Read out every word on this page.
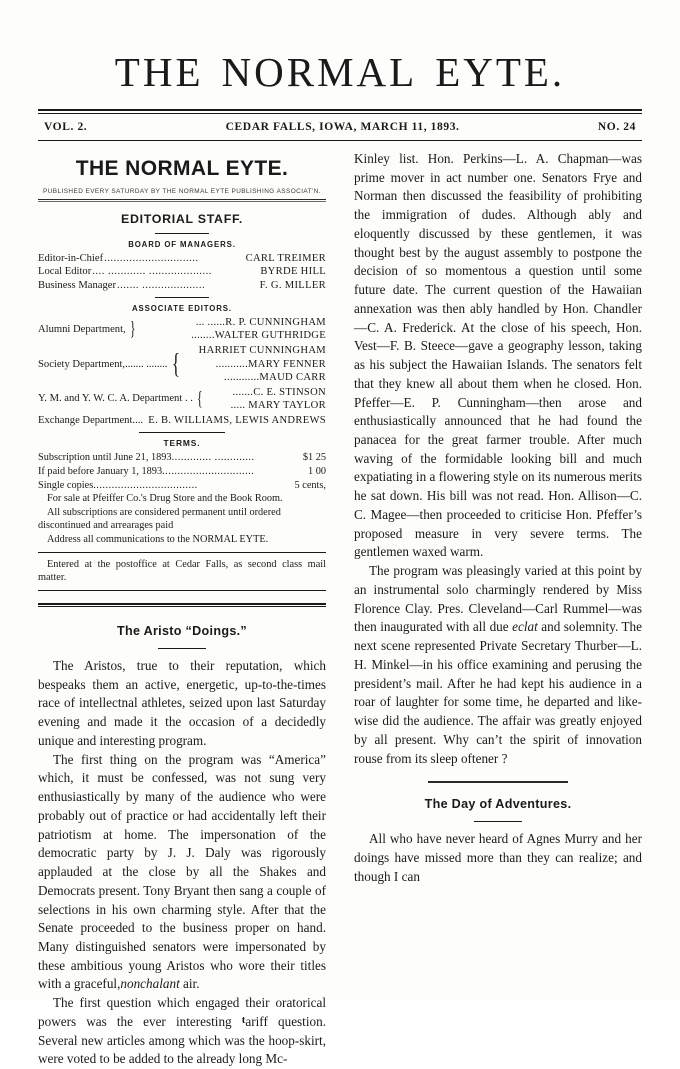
THE NORMAL EYTE.
VOL. 2.	CEDAR FALLS, IOWA, MARCH 11, 1893.	NO. 24
THE NORMAL EYTE.
PUBLISHED EVERY SATURDAY BY THE NORMAL EYTE PUBLISHING ASSOCIAT'N.
EDITORIAL STAFF.
BOARD OF MANAGERS.
Editor-in-Chief ..............................	CARL TREIMER
Local Editor .... ............ ....................	BYRDE HILL
Business Manager ....... ....................	F. G. MILLER
ASSOCIATE EDITORS.
Alumni Department, }	... ......R. P. CUNNINGHAM
........WALTER GUTHRIDGE
Society Department,....... ........ {	HARRIET CUNNINGHAM
...........MARY FENNER
............MAUD CARR
Y. M. and Y. W. C. A. Department . . {	.......C. E. STINSON
..... MARY TAYLOR
Exchange Department.... E. B. WILLIAMS, LEWIS ANDREWS
TERMS.
Subscription until June 21, 1893 ............. .............	$1 25
If paid before January 1, 1893 ..............................	1 00
Single copies ..................................	5 cents,
For sale at Pfeiffer Co.'s Drug Store and the Book Room.
All subscriptions are considered permanent until ordered
discontinued and arrearages paid
Address all communications to the NORMAL EYTE.
Entered at the postoffice at Cedar Falls, as second class mail matter.
The Aristo “Doings.”

The Aristos, true to their reputation, which bespeaks them an active, energetic, up-to-the-times race of intellectnal athletes, seized upon last Saturday evening and made it the occasion of a decidedly unique and interesting program.

The first thing on the program was “America” which, it must be confessed, was not sung very enthusiastically by many of the audience who were probably out of practice or had accidentally left their patriotism at home. The impersonation of the democratic party by J. J. Daly was rigorously applauded at the close by all the Shakes and Democrats present. Tony Bryant then sang a couple of selections in his own charming style. After that the Senate proceeded to the business proper on hand. Many distinguished senators were impersonated by these ambitious young Aristos who wore their titles with a graceful,nonchalant air.

The first question which engaged their oratorical powers was the ever interesting $^t$ariff question. Several new articles among which was the hoop-skirt, were voted to be added to the already long Mc-

Kinley list. Hon. Perkins—L. A. Chapman—was prime mover in act number one. Senators Frye and Norman then discussed the feasibility of prohibiting the immigration of dudes. Although ably and eloquently discussed by these gentlemen, it was thought best by the august assembly to postpone the decision of so momentous a question until some future date. The current question of the Hawaiian annexation was then ably handled by Hon. Chandler—C. A. Frederick. At the close of his speech, Hon. Vest—F. B. Steece—gave a geography lesson, taking as his subject the Hawaiian Islands. The senators felt that they knew all about them when he closed. Hon. Pfeffer—E. P. Cunningham—then arose and enthusiastically announced that he had found the panacea for the great farmer trouble. After much waving of the formidable looking bill and much expatiating in a flowering style on its numerous merits he sat down. His bill was not read. Hon. Allison—C. C. Magee—then proceeded to criticise Hon. Pfeffer’s proposed measure in very severe terms. The gentlemen waxed warm.

The program was pleasingly varied at this point by an instrumental solo charmingly rendered by Miss Florence Clay. Pres. Cleveland—Carl Rummel—was then inaugurated with all due eclat and solemnity. The next scene represented Private Secretary Thurber—L. H. Minkel—in his office examining and perusing the president’s mail. After he had kept his audience in a roar of laughter for some time, he departed and like-wise did the audience. The affair was greatly enjoyed by all present. Why can’t the spirit of innovation rouse from its sleep oftener ?

The Day of Adventures.

All who have never heard of Agnes Murry and her doings have missed more than they can realize; and though I can
